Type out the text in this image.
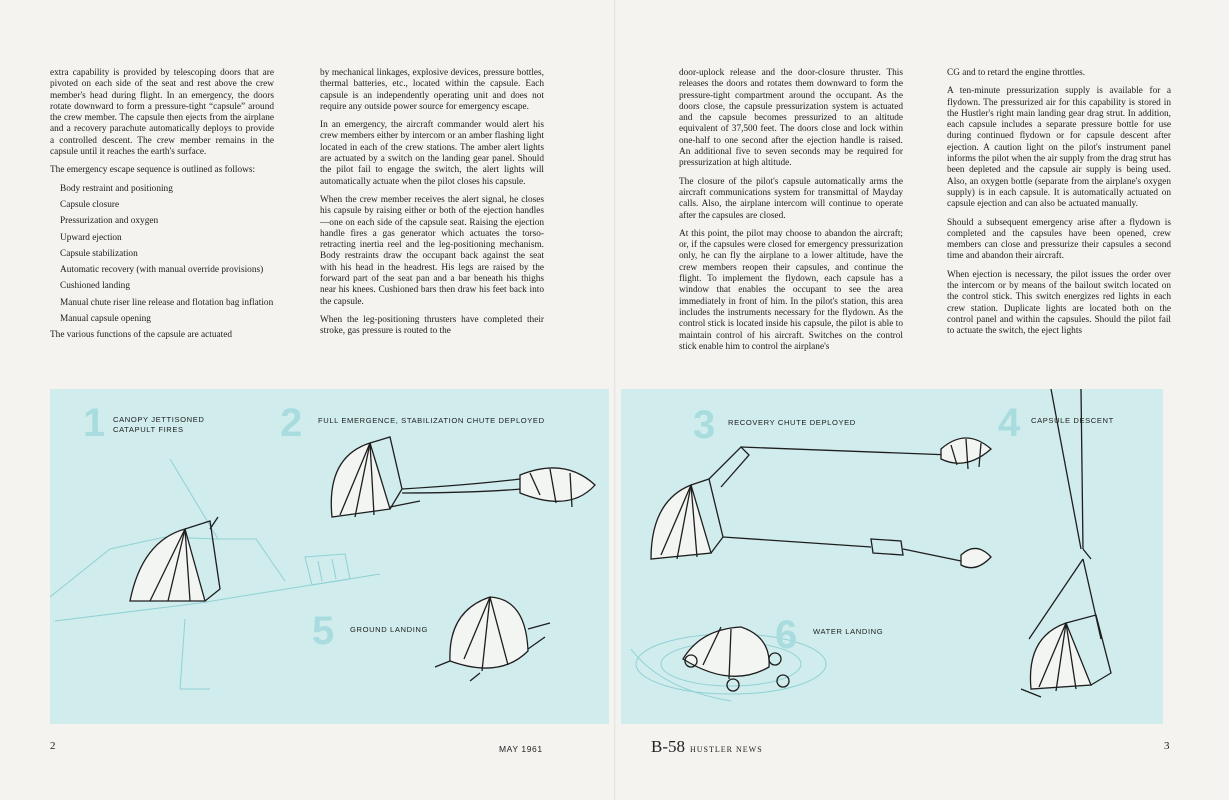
extra capability is provided by telescoping doors that are pivoted on each side of the seat and rest above the crew member's head during flight. In an emergency, the doors rotate downward to form a pressure-tight “capsule” around the crew member. The capsule then ejects from the airplane and a recovery parachute automatically deploys to provide a controlled descent. The crew member remains in the capsule until it reaches the earth's surface.

The emergency escape sequence is outlined as follows:

Body restraint and positioning
Capsule closure
Pressurization and oxygen
Upward ejection
Capsule stabilization
Automatic recovery (with manual override provisions)
Cushioned landing
Manual chute riser line release and flotation bag inflation
Manual capsule opening

The various functions of the capsule are actuated

by mechanical linkages, explosive devices, pressure bottles, thermal batteries, etc., located within the capsule. Each capsule is an independently operating unit and does not require any outside power source for emergency escape.

In an emergency, the aircraft commander would alert his crew members either by intercom or an amber flashing light located in each of the crew stations. The amber alert lights are actuated by a switch on the landing gear panel. Should the pilot fail to engage the switch, the alert lights will automatically actuate when the pilot closes his capsule.

When the crew member receives the alert signal, he closes his capsule by raising either or both of the ejection handles—one on each side of the capsule seat. Raising the ejection handle fires a gas generator which actuates the torso-retracting inertia reel and the leg-positioning mechanism. Body restraints draw the occupant back against the seat with his head in the headrest. His legs are raised by the forward part of the seat pan and a bar beneath his thighs near his knees. Cushioned bars then draw his feet back into the capsule.

When the leg-positioning thrusters have completed their stroke, gas pressure is routed to the

door-uplock release and the door-closure thruster. This releases the doors and rotates them downward to form the pressure-tight compartment around the occupant. As the doors close, the capsule pressurization system is actuated and the capsule becomes pressurized to an altitude equivalent of 37,500 feet. The doors close and lock within one-half to one second after the ejection handle is raised. An additional five to seven seconds may be required for pressurization at high altitude.

The closure of the pilot's capsule automatically arms the aircraft communications system for transmittal of Mayday calls. Also, the airplane intercom will continue to operate after the capsules are closed.

At this point, the pilot may choose to abandon the aircraft; or, if the capsules were closed for emergency pressurization only, he can fly the airplane to a lower altitude, have the crew members reopen their capsules, and continue the flight. To implement the flydown, each capsule has a window that enables the occupant to see the area immediately in front of him. In the pilot's station, this area includes the instruments necessary for the flydown. As the control stick is located inside his capsule, the pilot is able to maintain control of his aircraft. Switches on the control stick enable him to control the airplane's

CG and to retard the engine throttles.

A ten-minute pressurization supply is available for a flydown. The pressurized air for this capability is stored in the Hustler's right main landing gear drag strut. In addition, each capsule includes a separate pressure bottle for use during continued flydown or for capsule descent after ejection. A caution light on the pilot's instrument panel informs the pilot when the air supply from the drag strut has been depleted and the capsule air supply is being used. Also, an oxygen bottle (separate from the airplane's oxygen supply) is in each capsule. It is automatically actuated on capsule ejection and can also be actuated manually.

Should a subsequent emergency arise after a flydown is completed and the capsules have been opened, crew members can close and pressurize their capsules a second time and abandon their aircraft.

When ejection is necessary, the pilot issues the order over the intercom or by means of the bailout switch located on the control stick. This switch energizes red lights in each crew station. Duplicate lights are located both on the control panel and within the capsules. Should the pilot fail to actuate the switch, the eject lights

1 CANOPY JETTISONED
CATAPULT FIRES	2 FULL EMERGENCE, STABILIZATION CHUTE DEPLOYED
5 GROUND LANDING
3 RECOVERY CHUTE DEPLOYED	4 CAPSULE DESCENT
6 WATER LANDING
2	MAY 1961	B-58 HUSTLER NEWS	3
